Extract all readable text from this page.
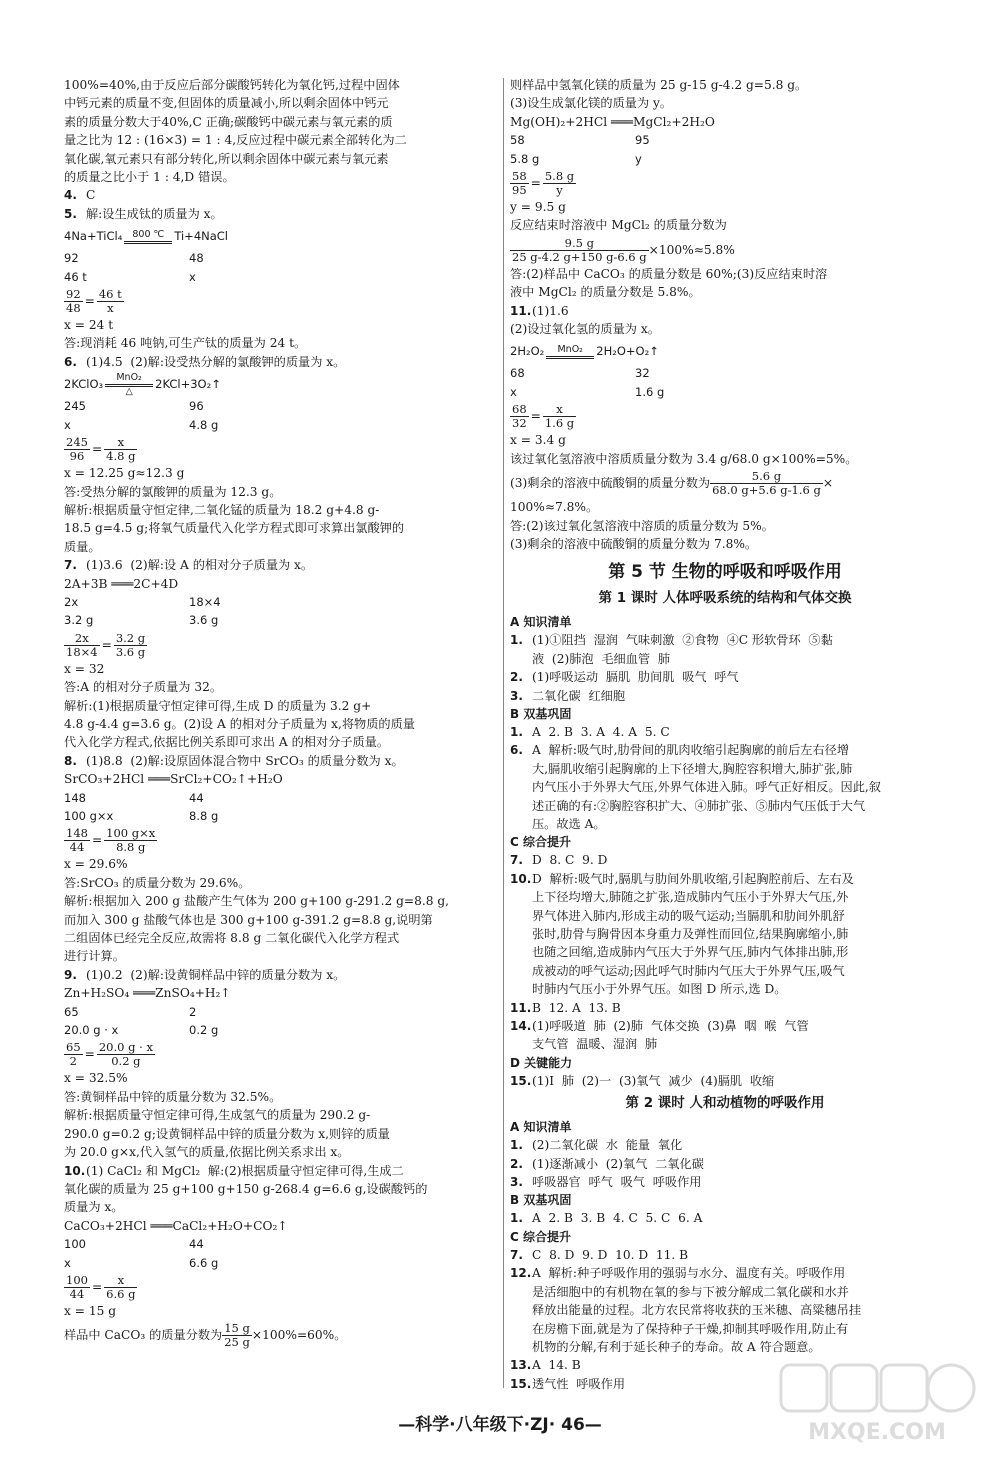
100%=40%,由于反应后部分碳酸钙转化为氧化钙,过程中固体
中钙元素的质量不变,但固体的质量减小,所以剩余固体中钙元
素的质量分数大于40%,C 正确;碳酸钙中碳元素与氧元素的质
量之比为 12 : (16×3) = 1 : 4,反应过程中碳元素全部转化为二
氧化碳,氧元素只有部分转化,所以剩余固体中碳元素与氧元素
的质量之比小于 1 : 4,D 错误。
4. C
5. 解:设生成钛的质量为 x。
4Na+TiCl₄	800 ℃ Ti+4NaCl
92	48
46 t	x
$\frac{92}{48} = \frac{46 t}{x}$
x = 24 t
答:现消耗 46 吨钠,可生产钛的质量为 24 t。
6. (1)4.5  (2)解:设受热分解的氯酸钾的质量为 x。
2KClO₃	MnO₂
△	2KCl+3O₂↑
245	96
x	4.8 g
$\frac{245}{96} = \frac{x}{4.8 g}$
x = 12.25 g≈12.3 g
答:受热分解的氯酸钾的质量为 12.3 g。
解析:根据质量守恒定律,二氧化锰的质量为 18.2 g+4.8 g-
18.5 g=4.5 g;将氧气质量代入化学方程式即可求算出氯酸钾的
质量。
7. (1)3.6  (2)解:设 A 的相对分子质量为 x。
2A+3B ═══2C+4D
2x	18×4
3.2 g	3.6 g
$\frac{2x}{18\times 4} = \frac{3.2 g}{3.6 g}$
x = 32
答:A 的相对分子质量为 32。
解析:(1)根据质量守恒定律可得,生成 D 的质量为 3.2 g+
4.8 g-4.4 g=3.6 g。(2)设 A 的相对分子质量为 x,将物质的质量
代入化学方程式,依据比例关系即可求出 A 的相对分子质量。
8. (1)8.8  (2)解:设原固体混合物中 SrCO₃ 的质量分数为 x。
SrCO₃+2HCl ═══SrCl₂+CO₂↑+H₂O
148	44
100 g×x	8.8 g
$\frac{148}{44} = \frac{100 g\times x}{8.8 g}$
x = 29.6%
答:SrCO₃ 的质量分数为 29.6%。
解析:根据加入 200 g 盐酸产生气体为 200 g+100 g-291.2 g=8.8 g,
而加入 300 g 盐酸气体也是 300 g+100 g-391.2 g=8.8 g,说明第
二组固体已经完全反应,故需将 8.8 g 二氧化碳代入化学方程式
进行计算。
9. (1)0.2  (2)解:设黄铜样品中锌的质量分数为 x。
Zn+H₂SO₄ ═══ZnSO₄+H₂↑
65	2
20.0 g · x	0.2 g
$\frac{65}{2} = \frac{20.0 g \cdot x}{0.2 g}$
x = 32.5%
答:黄铜样品中锌的质量分数为 32.5%。
解析:根据质量守恒定律可得,生成氢气的质量为 290.2 g-
290.0 g=0.2 g;设黄铜样品中锌的质量分数为 x,则锌的质量
为 20.0 g×x,代入氢气的质量,依据比例关系求出 x。
10.(1) CaCl₂ 和 MgCl₂  解:(2)根据质量守恒定律可得,生成二
氧化碳的质量为 25 g+100 g+150 g-268.4 g=6.6 g,设碳酸钙的
质量为 x。
CaCO₃+2HCl ═══CaCl₂+H₂O+CO₂↑
100	44
x	6.6 g
$\frac{100}{44} = \frac{x}{6.6 g}$
x = 15 g
样品中 CaCO₃ 的质量分数为 $\frac{15 g}{25 g} \times 100\%=60\%$。
则样品中氢氧化镁的质量为 25 g-15 g-4.2 g=5.8 g。
(3)设生成氯化镁的质量为 y。
Mg(OH)₂+2HCl ═══MgCl₂+2H₂O
58	95
5.8 g	y
$\frac{58}{95} = \frac{5.8 g}{y}$
y = 9.5 g
反应结束时溶液中 MgCl₂ 的质量分数为
$\frac{9.5 g}{25 g-4.2 g+150 g-6.6 g} \times 100\%\approx 5.8\%$
答:(2)样品中 CaCO₃ 的质量分数是 60%;(3)反应结束时溶
液中 MgCl₂ 的质量分数是 5.8%。
11.(1)1.6
(2)设过氧化氢的质量为 x。
2H₂O₂	MnO₂	2H₂O+O₂↑
68	32
x	1.6 g
$\frac{68}{32} = \frac{x}{1.6 g}$
x = 3.4 g
该过氧化氢溶液中溶质质量分数为 3.4 g/68.0 g×100%=5%。
(3)剩余的溶液中硫酸铜的质量分数为 $\frac{5.6 g}{68.0 g+5.6 g-1.6 g}$ ×
100%≈7.8%。
答:(2)该过氧化氢溶液中溶质的质量分数为 5%。
(3)剩余的溶液中硫酸铜的质量分数为 7.8%。
第 5 节 生物的呼吸和呼吸作用
第 1 课时 人体呼吸系统的结构和气体交换
A 知识清单
1. (1)①阻挡  湿润  气味刺激  ②食物  ④C 形软骨环  ⑤黏
液  (2)肺泡  毛细血管  肺
2. (1)呼吸运动  膈肌  肋间肌  吸气  呼气
3. 二氧化碳  红细胞
B 双基巩固
1. A  2. B  3. A  4. A  5. C
6. A  解析:吸气时,肋骨间的肌肉收缩引起胸廓的前后左右径增
大,膈肌收缩引起胸廓的上下径增大,胸腔容积增大,肺扩张,肺
内气压小于外界大气压,外界气体进入肺。呼气正好相反。因此,叙
述正确的有:②胸腔容积扩大、④肺扩张、⑤肺内气压低于大气
压。故选 A。
C 综合提升
7. D  8. C  9. D
10.D  解析:吸气时,膈肌与肋间外肌收缩,引起胸腔前后、左右及
上下径均增大,肺随之扩张,造成肺内气压小于外界大气压,外
界气体进入肺内,形成主动的吸气运动;当膈肌和肋间外肌舒
张时,肋骨与胸骨因本身重力及弹性而回位,结果胸廓缩小,肺
也随之回缩,造成肺内气压大于外界气压,肺内气体排出肺,形
成被动的呼气运动;因此呼气时肺内气压大于外界气压,吸气
时肺内气压小于外界气压。如图 D 所示,选 D。
11.B  12. A  13. B
14.(1)呼吸道  肺  (2)肺  气体交换  (3)鼻  咽  喉  气管
支气管  温暖、湿润  肺
D 关键能力
15.(1)Ⅰ  肺  (2)一  (3)氧气  减少  (4)膈肌  收缩
第 2 课时 人和动植物的呼吸作用
A 知识清单
1. (2)二氧化碳  水  能量  氧化
2. (1)逐渐减小  (2)氧气  二氧化碳
3. 呼吸器官  呼气  吸气  呼吸作用
B 双基巩固
1. A  2. B  3. B  4. C  5. C  6. A
C 综合提升
7. C  8. D  9. D  10. D  11. B
12.A  解析:种子呼吸作用的强弱与水分、温度有关。呼吸作用
是活细胞中的有机物在氧的参与下被分解成二氧化碳和水并
释放出能量的过程。北方农民常将收获的玉米穗、高粱穗吊挂
在房檐下面,就是为了保持种子干燥,抑制其呼吸作用,防止有
机物的分解,有利于延长种子的寿命。故 A 符合题意。
13.A  14. B
15.透气性  呼吸作用
—科学·八年级下·ZJ· 46—	MXQE.COM
